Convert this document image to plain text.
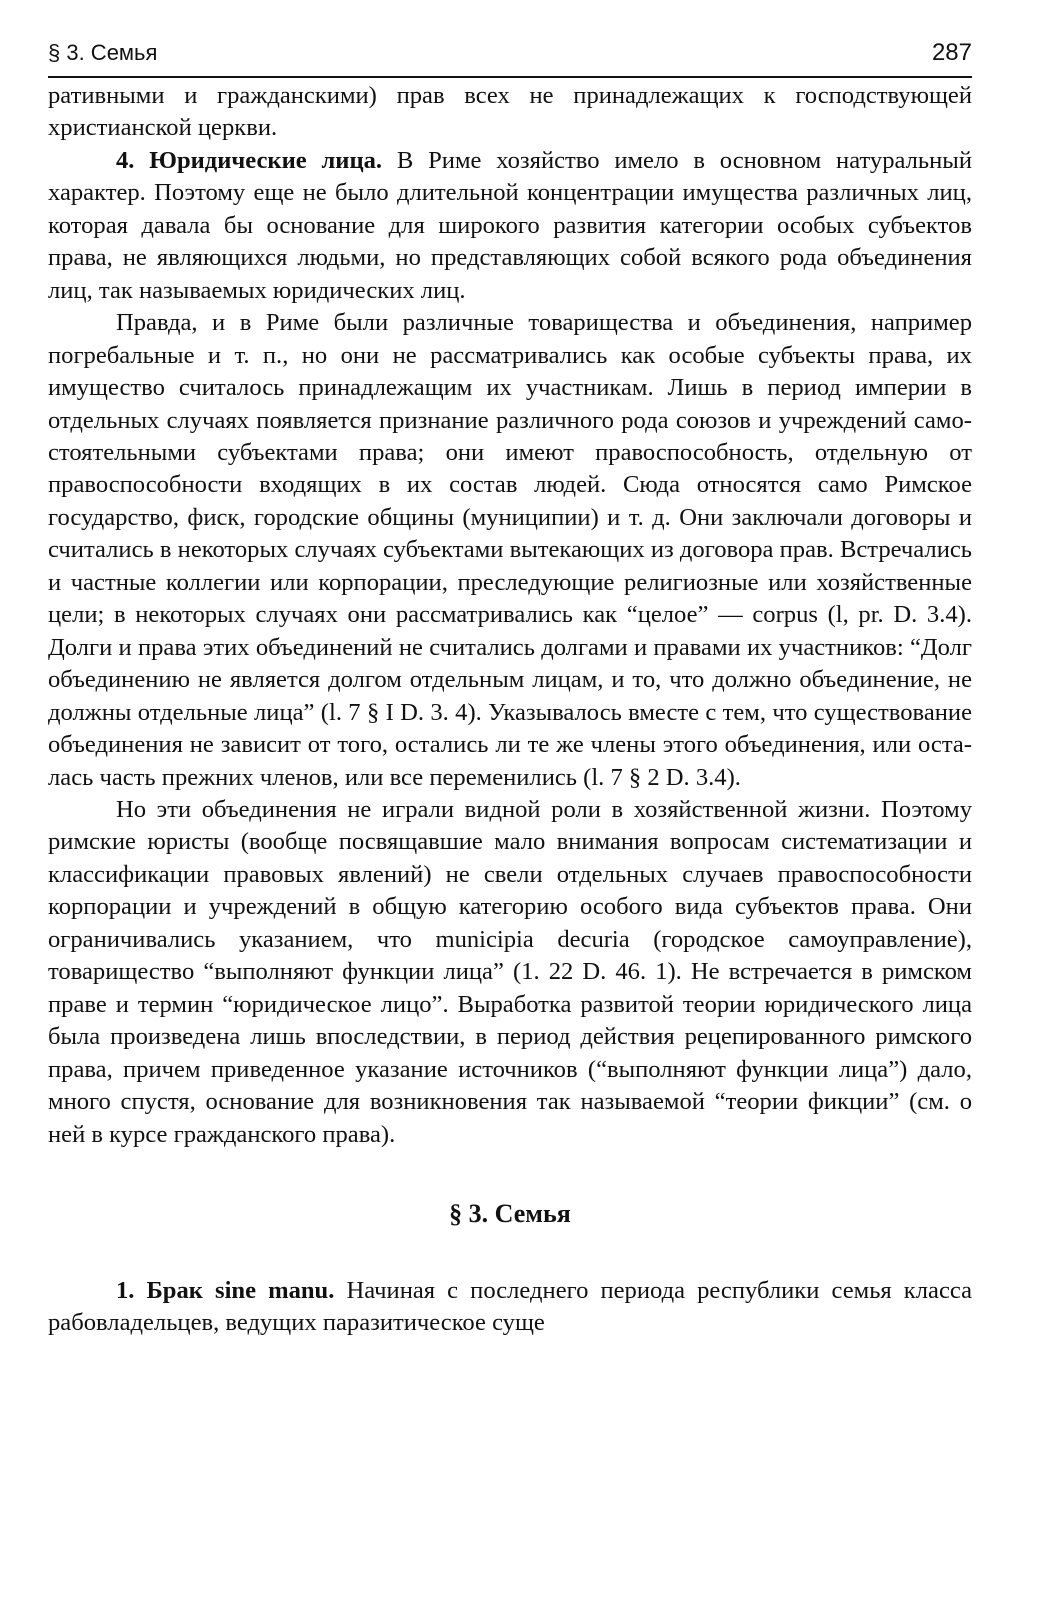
§ 3. Семья	287

ративными и гражданскими) прав всех не принадлежащих к господствующей христианской церкви.

4. Юридические лица. В Риме хозяйство имело в основном натуральный характер. Поэтому еще не было длительной концентрации имущества различных лиц, которая давала бы основание для широкого развития категории особых субъектов права, не являющихся людьми, но представляющих собой всякого рода объединения лиц, так называемых юридических лиц.

Правда, и в Риме были различные товарищества и объединения, например погребальные и т. п., но они не рассматривались как особые субъекты права, их имущество считалось принадлежащим их участникам. Лишь в период империи в отдельных случаях появляется признание различного рода союзов и учреждений самостоятельными субъектами права; они имеют правоспособность, отдельную от правоспособности входящих в их состав людей. Сюда относятся само Римское государство, фиск, городские общины (муниципии) и т. д. Они заключали договоры и считались в некоторых случаях субъектами вытекающих из договора прав. Встречались и частные коллегии или корпорации, преследующие религиозные или хозяйственные цели; в некоторых случаях они рассматривались как “целое” — corpus (l, pr. D. 3.4). Долги и права этих объединений не считались долгами и правами их участников: “Долг объединению не является долгом отдельным лицам, и то, что должно объединение, не должны отдельные лица” (l. 7 § I D. 3. 4). Указывалось вместе с тем, что существование объединения не зависит от того, остались ли те же члены этого объединения, или осталась часть прежних членов, или все переменились (l. 7 § 2 D. 3.4).

Но эти объединения не играли видной роли в хозяйственной жизни. Поэтому римские юристы (вообще посвящавшие мало внимания вопросам систематизации и классификации правовых явлений) не свели отдельных случаев правоспособности корпорации и учреждений в общую категорию особого вида субъектов права. Они ограничивались указанием, что municipia decuria (городское самоуправление), товарищество “выполняют функции лица” (1. 22 D. 46. 1). Не встречается в римском праве и термин “юридическое лицо”. Выработка развитой теории юридического лица была произведена лишь впоследствии, в период действия рецепированного римского права, причем приведенное указание источников (“выполняют функции лица”) дало, много спустя, основание для возникновения так называемой “теории фикции” (см. о ней в курсе гражданского права).

§ 3. Семья

1. Брак sine manu. Начиная с последнего периода республики семья класса рабовладельцев, ведущих паразитическое суще
